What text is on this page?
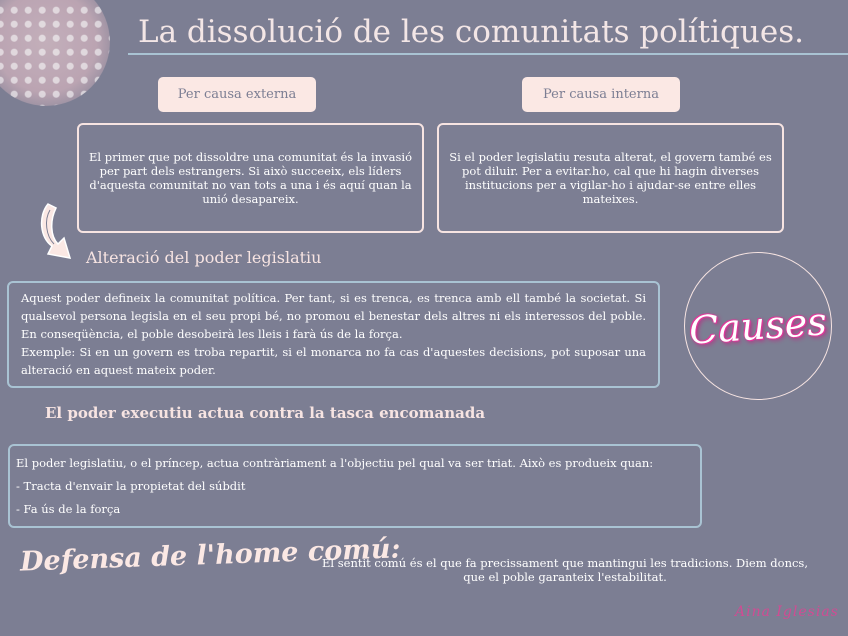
La dissolució de les comunitats polítiques.
Per causa externa	Per causa interna
El primer que pot dissoldre una comunitat és la invasió per part dels estrangers. Si això succeeix, els líders d'aquesta comunitat no van tots a una i és aquí quan la unió desapareix.
Si el poder legislatiu resuta alterat, el govern també es pot diluir. Per a evitar.ho, cal que hi hagin diverses institucions per a vigilar-ho i ajudar-se entre elles mateixes.
Alteració del poder legislatiu

Aquest poder defineix la comunitat política. Per tant, si es trenca, es trenca amb ell també la societat. Si qualsevol persona legisla en el seu propi bé, no promou el benestar dels altres ni els interessos del poble. En conseqüència, el poble desobeirà les lleis i farà ús de la força.

Exemple: Si en un govern es troba repartit, si el monarca no fa cas d'aquestes decisions, pot suposar una alteració en aquest mateix poder.

Causes
El poder executiu actua contra la tasca encomanada
El poder legislatiu, o el príncep, actua contràriament a l'objectiu pel qual va ser triat. Això es produeix quan:
- Tracta d'envair la propietat del súbdit
- Fa ús de la força
Defensa de l'home comú:
El sentit comú és el que fa precissament que mantingui les tradicions. Diem doncs, que el poble garanteix l'estabilitat.
Aina Iglesias
